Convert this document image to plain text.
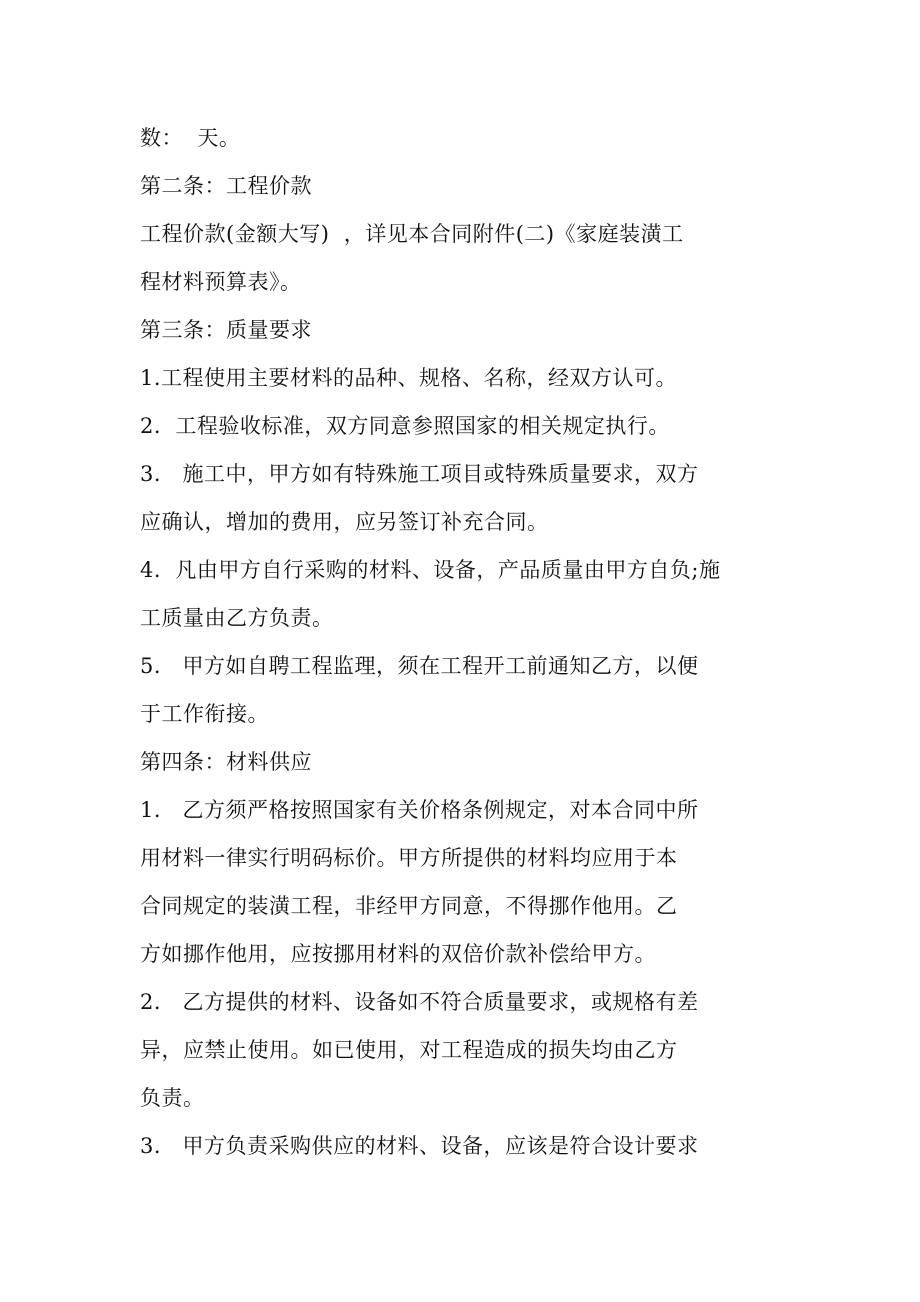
数：  天。
第二条：工程价款
工程价款(金额大写)  ，详见本合同附件(二)《家庭装潢工
程材料预算表》。
第三条：质量要求
1.工程使用主要材料的品种、规格、名称，经双方认可。
2.  工程验收标准，双方同意参照国家的相关规定执行。
3.   施工中，甲方如有特殊施工项目或特殊质量要求，双方
应确认，增加的费用，应另签订补充合同。
4.  凡由甲方自行采购的材料、设备，产品质量由甲方自负;施
工质量由乙方负责。
5.   甲方如自聘工程监理，须在工程开工前通知乙方，以便
于工作衔接。
第四条：材料供应
1.   乙方须严格按照国家有关价格条例规定，对本合同中所
用材料一律实行明码标价。甲方所提供的材料均应用于本
合同规定的装潢工程，非经甲方同意，不得挪作他用。乙
方如挪作他用，应按挪用材料的双倍价款补偿给甲方。
2.   乙方提供的材料、设备如不符合质量要求，或规格有差
异，应禁止使用。如已使用，对工程造成的损失均由乙方
负责。
3.   甲方负责采购供应的材料、设备，应该是符合设计要求
